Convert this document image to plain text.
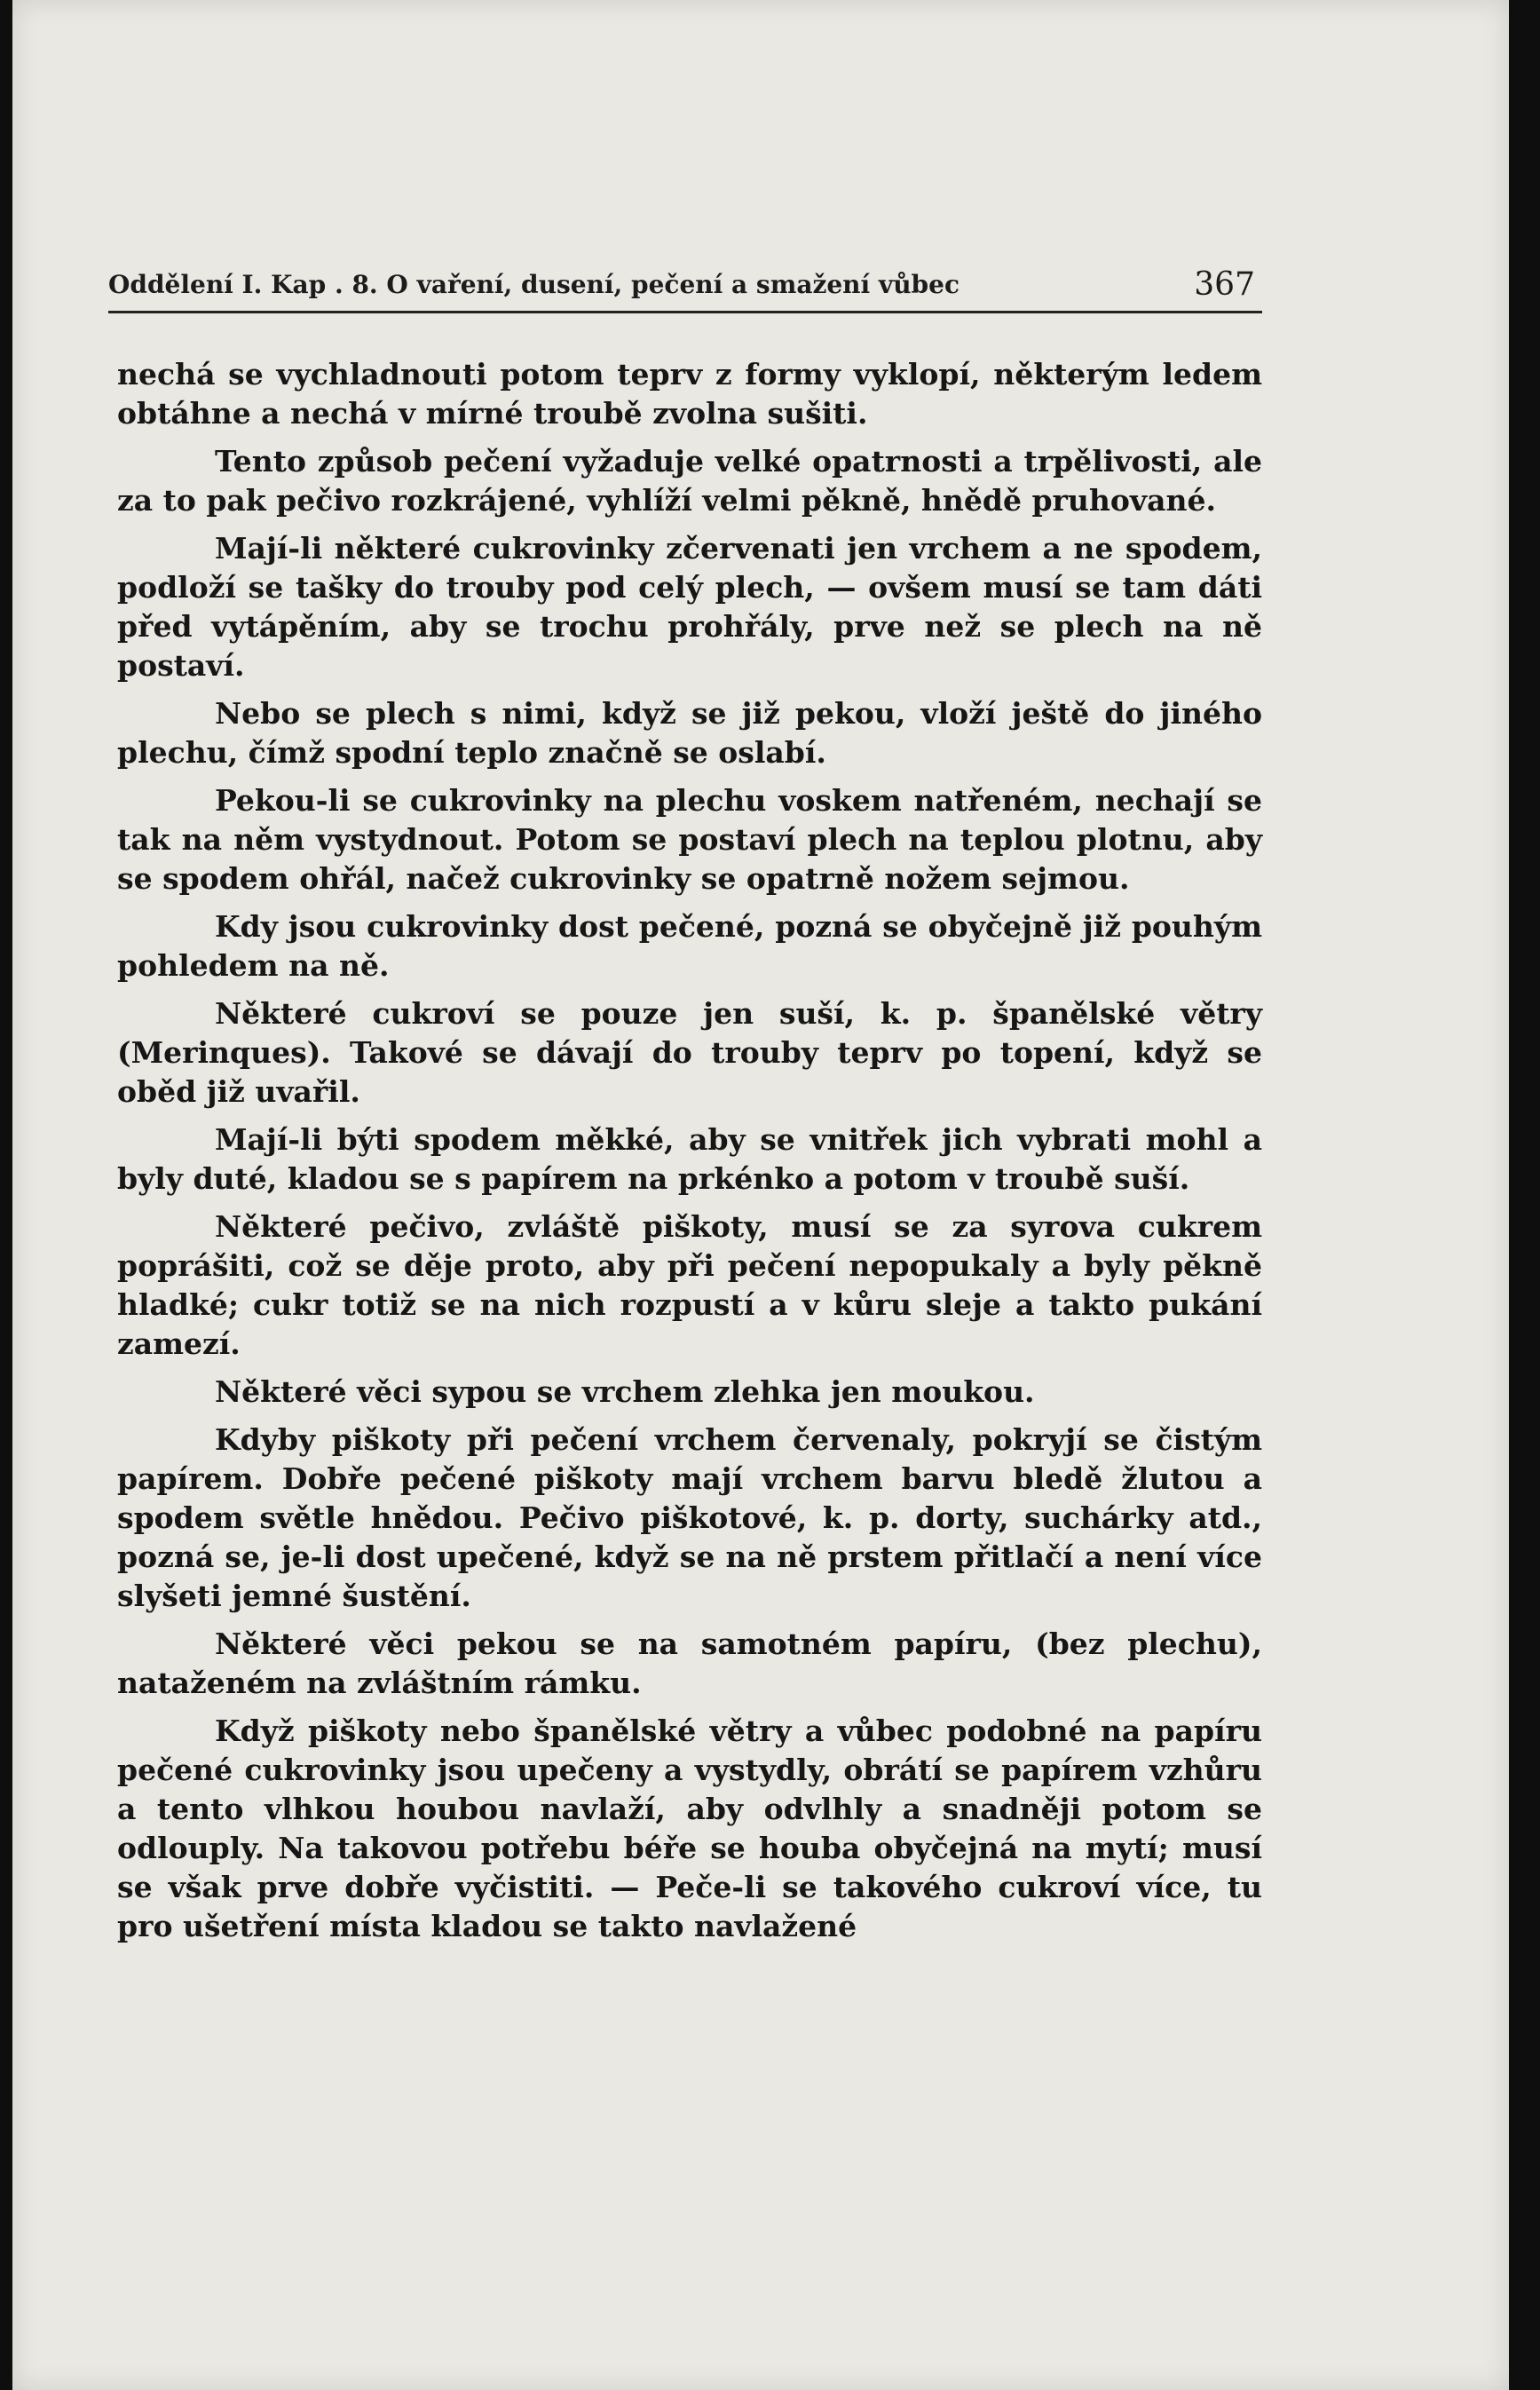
Oddělení I. Kap . 8. O vaření, dusení, pečení a smažení vůbec	367

nechá se vychladnouti potom teprv z formy vyklopí, některým ledem obtáhne a nechá v mírné troubě zvolna sušiti.

Tento způsob pečení vyžaduje velké opatrnosti a trpělivosti, ale za to pak pečivo rozkrájené, vyhlíží velmi pěkně, hnědě pruhované.

Mají-li některé cukrovinky zčervenati jen vrchem a ne spodem, podloží se tašky do trouby pod celý plech, — ovšem musí se tam dáti před vytápěním, aby se trochu prohřály, prve než se plech na ně postaví.

Nebo se plech s nimi, když se již pekou, vloží ještě do jiného plechu, čímž spodní teplo značně se oslabí.

Pekou-li se cukrovinky na plechu voskem natřeném, nechají se tak na něm vystydnout. Potom se postaví plech na teplou plotnu, aby se spodem ohřál, načež cukrovinky se opatrně nožem sejmou.

Kdy jsou cukrovinky dost pečené, pozná se obyčejně již pouhým pohledem na ně.

Některé cukroví se pouze jen suší, k. p. španělské větry (Merinques). Takové se dávají do trouby teprv po topení, když se oběd již uvařil.

Mají-li býti spodem měkké, aby se vnitřek jich vybrati mohl a byly duté, kladou se s papírem na prkénko a potom v troubě suší.

Některé pečivo, zvláště piškoty, musí se za syrova cukrem poprášiti, což se děje proto, aby při pečení nepopukaly a byly pěkně hladké; cukr totiž se na nich rozpustí a v kůru sleje a takto pukání zamezí.

Některé věci sypou se vrchem zlehka jen moukou.

Kdyby piškoty při pečení vrchem červenaly, pokryjí se čistým papírem. Dobře pečené piškoty mají vrchem barvu bledě žlutou a spodem světle hnědou. Pečivo piškotové, k. p. dorty, suchárky atd., pozná se, je-li dost upečené, když se na ně prstem přitlačí a není více slyšeti jemné šustění.

Některé věci pekou se na samotném papíru, (bez plechu), nataženém na zvláštním rámku.

Když piškoty nebo španělské větry a vůbec podobné na papíru pečené cukrovinky jsou upečeny a vystydly, obrátí se papírem vzhůru a tento vlhkou houbou navlaží, aby odvlhly a snadněji potom se odlouply. Na takovou potřebu béře se houba obyčejná na mytí; musí se však prve dobře vyčistiti. — Peče-li se takového cukroví více, tu pro ušetření místa kladou se takto navlažené
